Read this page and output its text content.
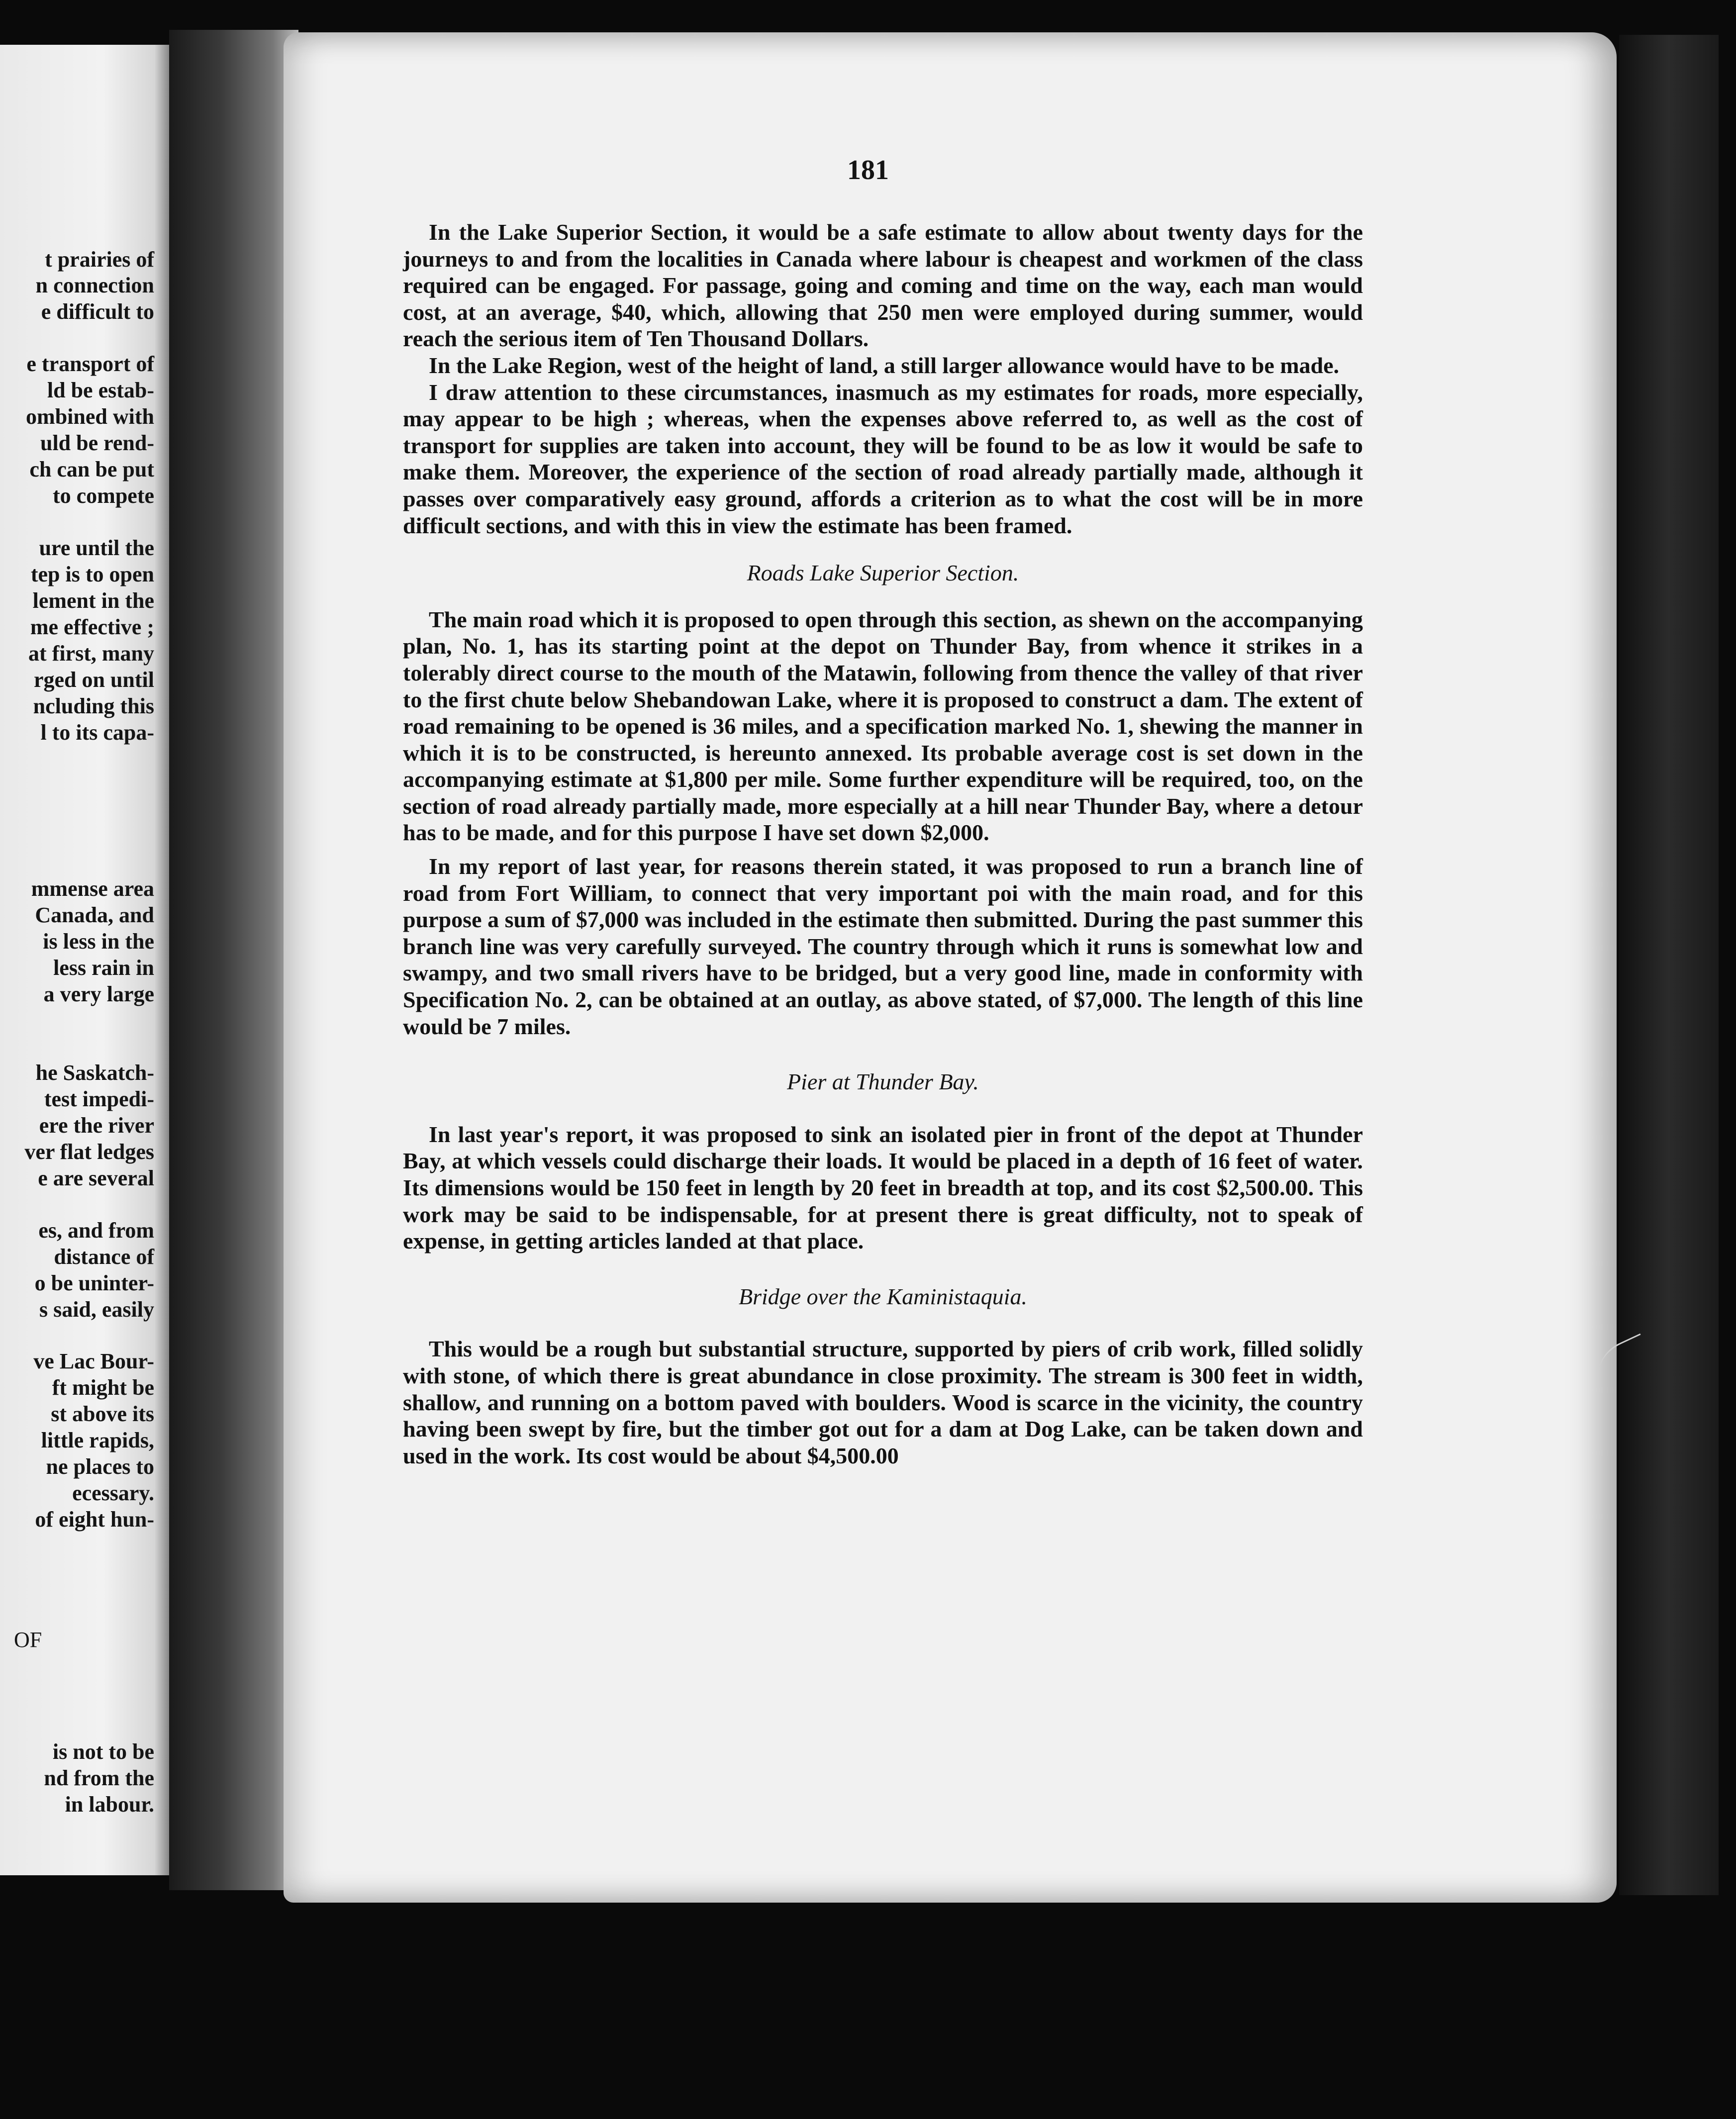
t prairies of
n connection
e difficult to
e transport of
ld be estab-
ombined with
uld be rend-
ch can be put
to compete
ure until the
tep is to open
lement in the
me effective ;
at first, many
rged on until
ncluding this
l to its capa-
mmense area
Canada, and
is less in the
less rain in
a very large
he Saskatch-
test impedi-
ere the river
ver flat ledges
e are several
es, and from
distance of
o be uninter-
s said, easily
ve Lac Bour-
ft might be
st above its
little rapids,
ne places to
ecessary.
of eight hun-
OF
is not to be
nd from the
in labour.
181

In the Lake Superior Section, it would be a safe estimate to allow about twenty days for the journeys to and from the localities in Canada where labour is cheapest and workmen of the class required can be engaged. For passage, going and coming and time on the way, each man would cost, at an average, $40, which, allowing that 250 men were employed during summer, would reach the serious item of Ten Thousand Dollars.

In the Lake Region, west of the height of land, a still larger allowance would have to be made.

I draw attention to these circumstances, inasmuch as my estimates for roads, more especially, may appear to be high ; whereas, when the expenses above referred to, as well as the cost of transport for supplies are taken into account, they will be found to be as low it would be safe to make them. Moreover, the experience of the section of road already partially made, although it passes over comparatively easy ground, affords a criterion as to what the cost will be in more difficult sections, and with this in view the estimate has been framed.

Roads Lake Superior Section.

The main road which it is proposed to open through this section, as shewn on the accompanying plan, No. 1, has its starting point at the depot on Thunder Bay, from whence it strikes in a tolerably direct course to the mouth of the Matawin, following from thence the valley of that river to the first chute below Shebandowan Lake, where it is proposed to construct a dam. The extent of road remaining to be opened is 36 miles, and a specification marked No. 1, shewing the manner in which it is to be constructed, is hereunto annexed. Its probable average cost is set down in the accompanying estimate at $1,800 per mile. Some further expenditure will be required, too, on the section of road already partially made, more especially at a hill near Thunder Bay, where a detour has to be made, and for this purpose I have set down $2,000.

In my report of last year, for reasons therein stated, it was proposed to run a branch line of road from Fort William, to connect that very important poi with the main road, and for this purpose a sum of $7,000 was included in the estimate then submitted. During the past summer this branch line was very carefully surveyed. The country through which it runs is somewhat low and swampy, and two small rivers have to be bridged, but a very good line, made in conformity with Specification No. 2, can be obtained at an outlay, as above stated, of $7,000. The length of this line would be 7 miles.

Pier at Thunder Bay.

In last year's report, it was proposed to sink an isolated pier in front of the depot at Thunder Bay, at which vessels could discharge their loads. It would be placed in a depth of 16 feet of water. Its dimensions would be 150 feet in length by 20 feet in breadth at top, and its cost $2,500.00. This work may be said to be indispensable, for at present there is great difficulty, not to speak of expense, in getting articles landed at that place.

Bridge over the Kaministaquia.

This would be a rough but substantial structure, supported by piers of crib work, filled solidly with stone, of which there is great abundance in close proximity. The stream is 300 feet in width, shallow, and running on a bottom paved with boulders. Wood is scarce in the vicinity, the country having been swept by fire, but the timber got out for a dam at Dog Lake, can be taken down and used in the work. Its cost would be about $4,500.00
